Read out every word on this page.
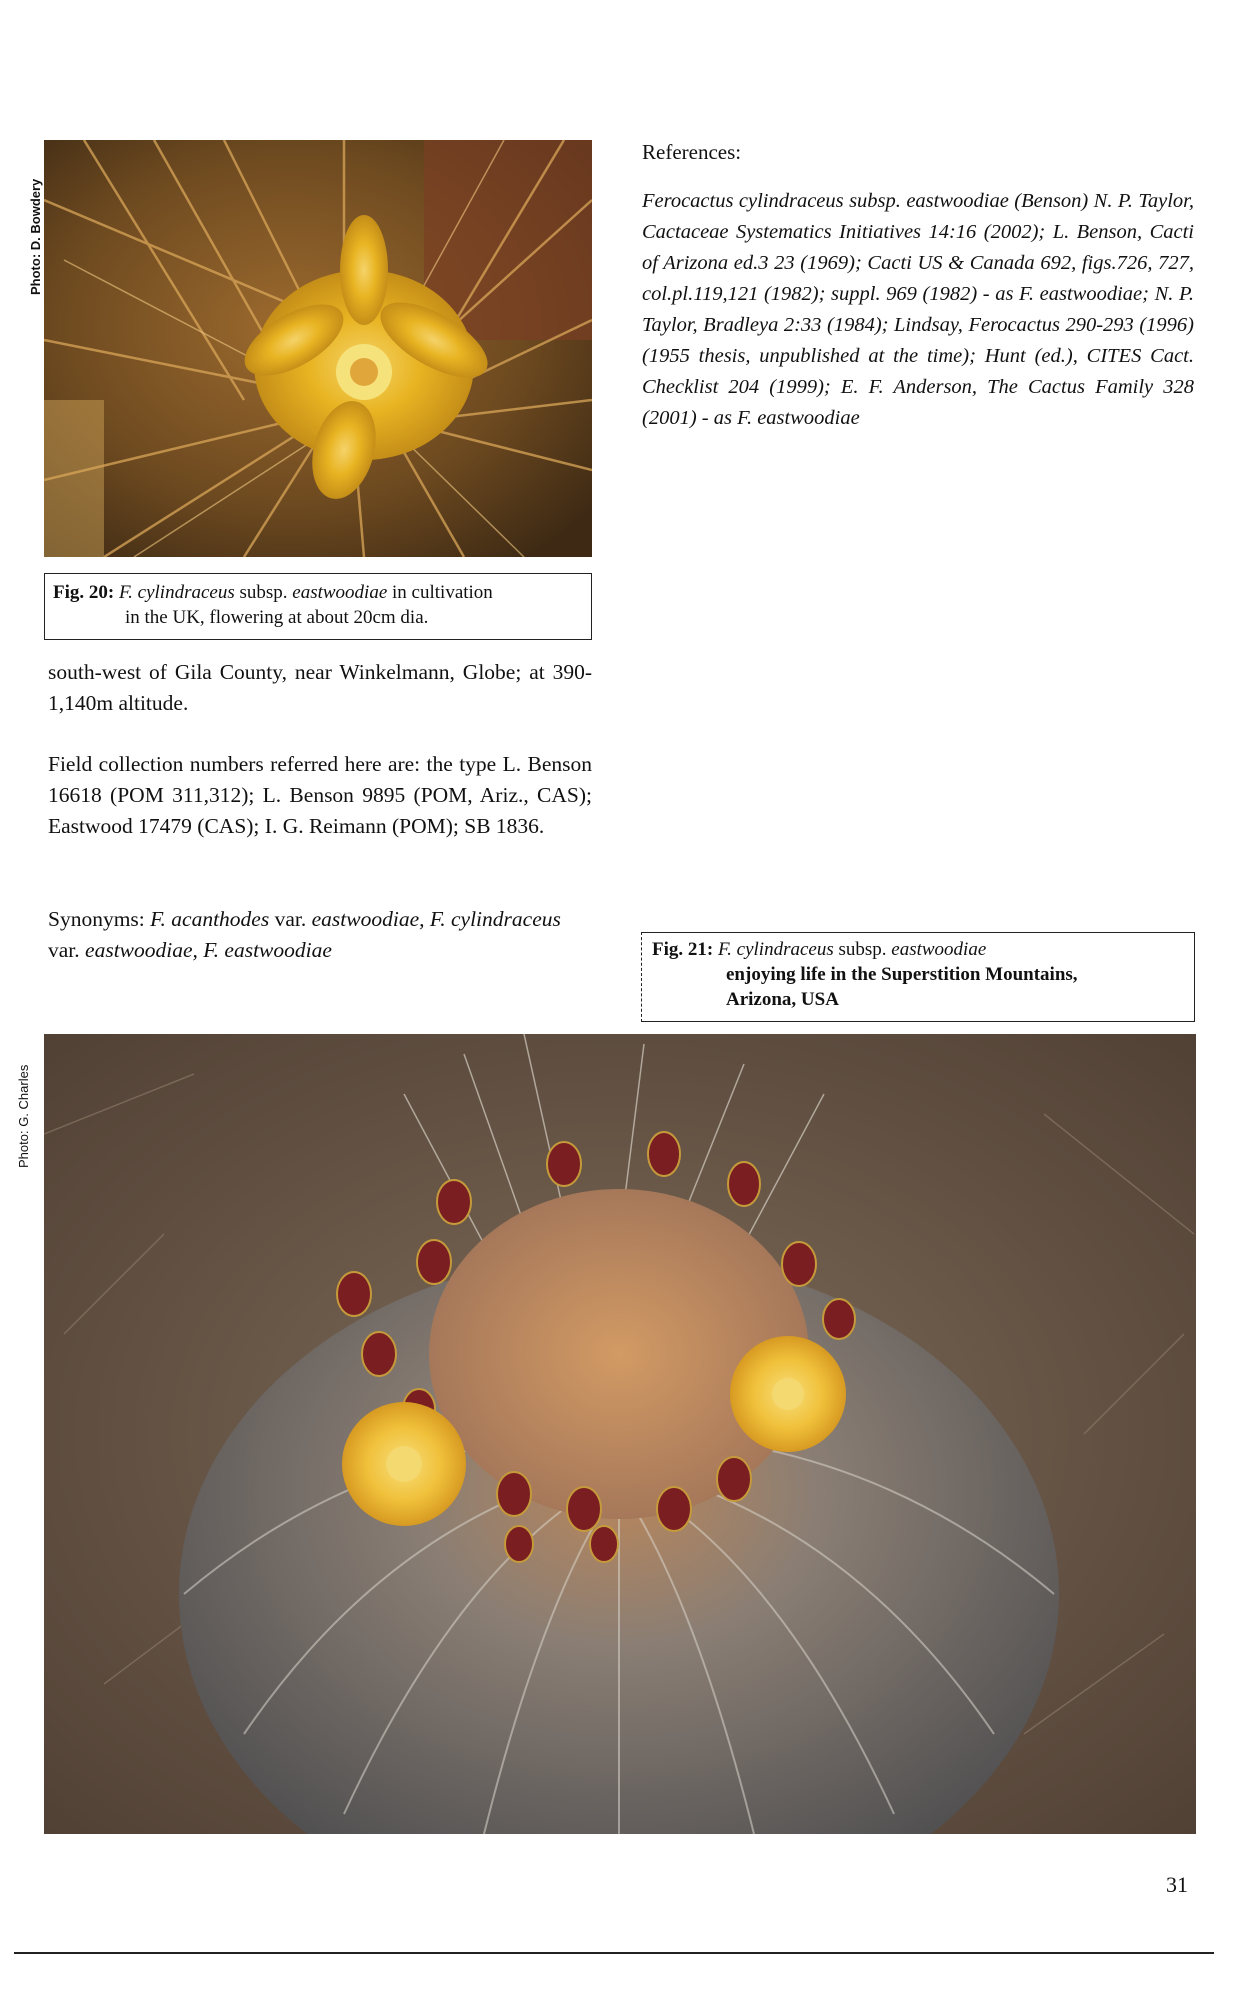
Photo: D. Bowdery
Fig. 20: F. cylindraceus subsp. eastwoodiae in cultivation
in the UK, flowering at about 20cm dia.
south-west of Gila County, near Winkelmann, Globe; at 390-1,140m altitude.
Field collection numbers referred here are: the type L. Benson 16618 (POM 311,312); L. Benson 9895 (POM, Ariz., CAS); Eastwood 17479 (CAS); I. G. Reimann (POM); SB 1836.
Synonyms: F. acanthodes var. eastwoodiae, F. cylindraceus var. eastwoodiae, F. eastwoodiae
References:
Ferocactus cylindraceus subsp. eastwoodiae (Benson) N. P. Taylor, Cactaceae Systematics Initiatives 14:16 (2002); L. Benson, Cacti of Arizona ed.3 23 (1969); Cacti US & Canada 692, figs.726, 727, col.pl.119,121 (1982); suppl. 969 (1982) - as F. eastwoodiae; N. P. Taylor, Bradleya 2:33 (1984); Lindsay, Ferocactus 290-293 (1996) (1955 thesis, unpublished at the time); Hunt (ed.), CITES Cact. Checklist 204 (1999); E. F. Anderson, The Cactus Family 328 (2001) - as F. eastwoodiae
Fig. 21: F. cylindraceus subsp. eastwoodiae
enjoying life in the Superstition Mountains,
Arizona, USA
Photo: G. Charles
31
